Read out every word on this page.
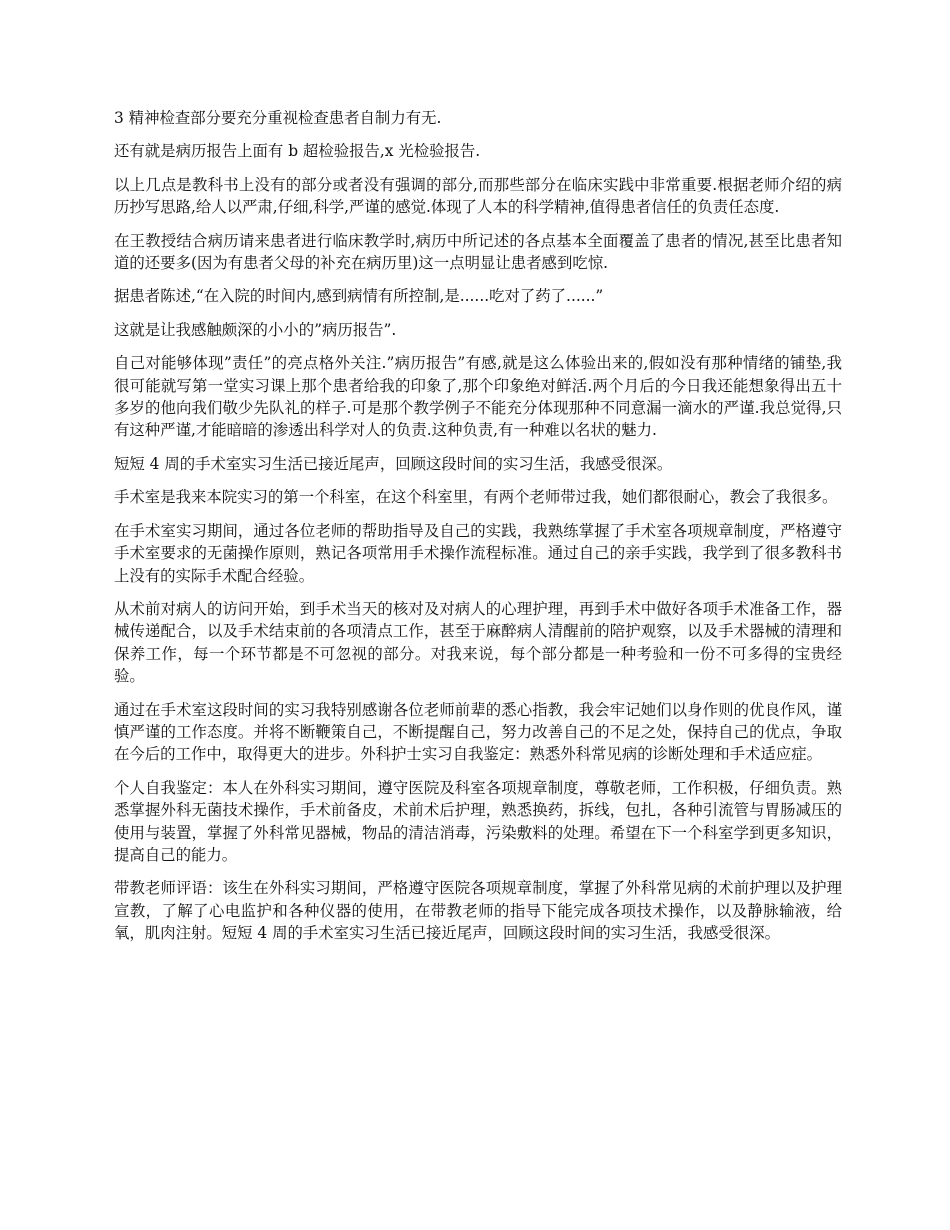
3 精神检查部分要充分重视检查患者自制力有无.

还有就是病历报告上面有 b 超检验报告,x 光检验报告.

以上几点是教科书上没有的部分或者没有强调的部分,而那些部分在临床实践中非常重要.根据老师介绍的病历抄写思路,给人以严肃,仔细,科学,严谨的感觉.体现了人本的科学精神,值得患者信任的负责任态度.

在王教授结合病历请来患者进行临床教学时,病历中所记述的各点基本全面覆盖了患者的情况,甚至比患者知道的还要多(因为有患者父母的补充在病历里)这一点明显让患者感到吃惊.

据患者陈述,“在入院的时间内,感到病情有所控制,是......吃对了药了......”

这就是让我感触颇深的小小的”病历报告”.

自己对能够体现”责任”的亮点格外关注.”病历报告”有感,就是这么体验出来的,假如没有那种情绪的铺垫,我很可能就写第一堂实习课上那个患者给我的印象了,那个印象绝对鲜活.两个月后的今日我还能想象得出五十多岁的他向我们敬少先队礼的样子.可是那个教学例子不能充分体现那种不同意漏一滴水的严谨.我总觉得,只有这种严谨,才能暗暗的渗透出科学对人的负责.这种负责,有一种难以名状的魅力.

短短 4 周的手术室实习生活已接近尾声，回顾这段时间的实习生活，我感受很深。

手术室是我来本院实习的第一个科室，在这个科室里，有两个老师带过我，她们都很耐心，教会了我很多。

在手术室实习期间，通过各位老师的帮助指导及自己的实践，我熟练掌握了手术室各项规章制度，严格遵守手术室要求的无菌操作原则，熟记各项常用手术操作流程标准。通过自己的亲手实践，我学到了很多教科书上没有的实际手术配合经验。

从术前对病人的访问开始，到手术当天的核对及对病人的心理护理，再到手术中做好各项手术准备工作，器械传递配合，以及手术结束前的各项清点工作，甚至于麻醉病人清醒前的陪护观察，以及手术器械的清理和保养工作，每一个环节都是不可忽视的部分。对我来说，每个部分都是一种考验和一份不可多得的宝贵经验。

通过在手术室这段时间的实习我特别感谢各位老师前辈的悉心指教，我会牢记她们以身作则的优良作风，谨慎严谨的工作态度。并将不断鞭策自己，不断提醒自己，努力改善自己的不足之处，保持自己的优点，争取在今后的工作中，取得更大的进步。外科护士实习自我鉴定：熟悉外科常见病的诊断处理和手术适应症。

个人自我鉴定：本人在外科实习期间，遵守医院及科室各项规章制度，尊敬老师，工作积极，仔细负责。熟悉掌握外科无菌技术操作，手术前备皮，术前术后护理，熟悉换药，拆线，包扎，各种引流管与胃肠减压的使用与装置，掌握了外科常见器械，物品的清洁消毒，污染敷料的处理。希望在下一个科室学到更多知识，提高自己的能力。

带教老师评语：该生在外科实习期间，严格遵守医院各项规章制度，掌握了外科常见病的术前护理以及护理宣教，了解了心电监护和各种仪器的使用，在带教老师的指导下能完成各项技术操作，以及静脉输液，给氧，肌肉注射。短短 4 周的手术室实习生活已接近尾声，回顾这段时间的实习生活，我感受很深。
